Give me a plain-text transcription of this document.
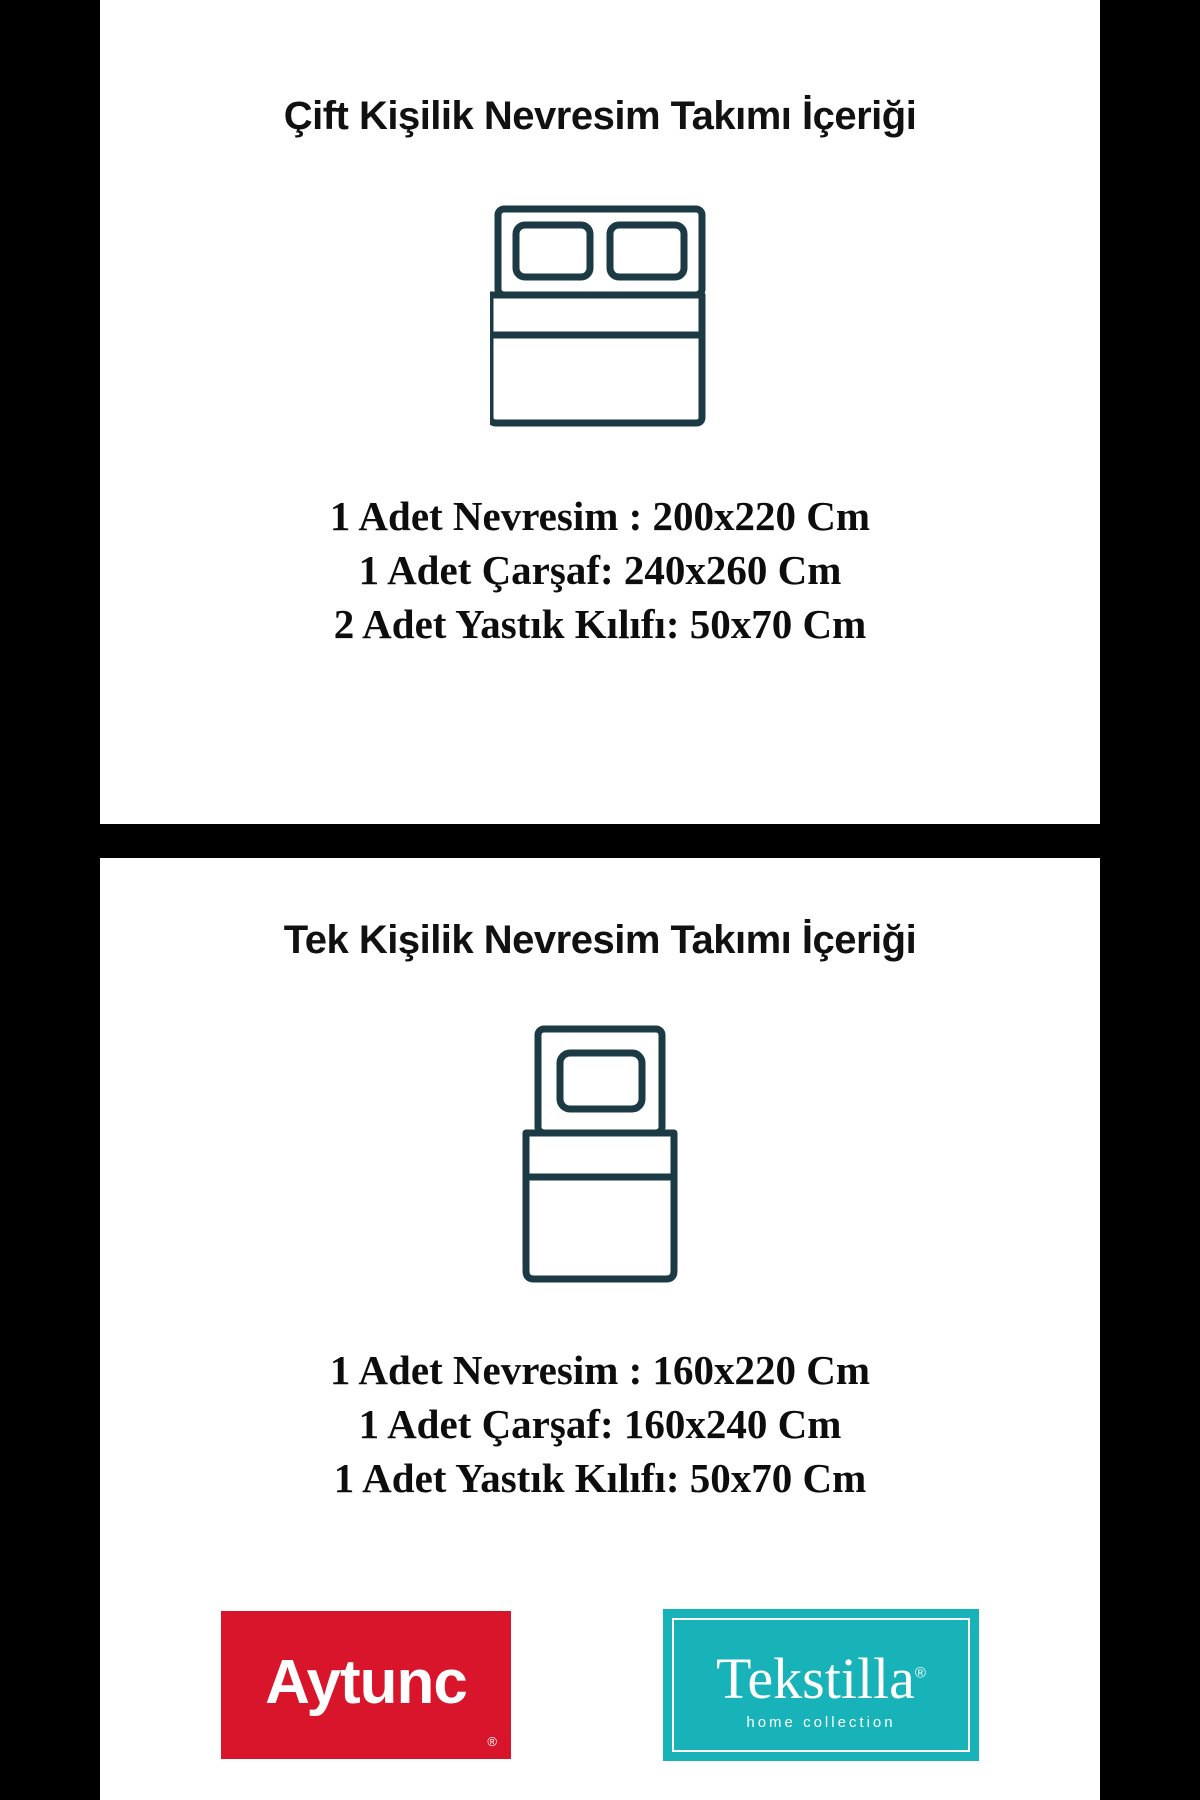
Çift Kişilik Nevresim Takımı İçeriği
1 Adet Nevresim : 200x220 Cm
1 Adet Çarşaf: 240x260 Cm
2 Adet Yastık Kılıfı: 50x70 Cm
Tek Kişilik Nevresim Takımı İçeriği
1 Adet Nevresim : 160x220 Cm
1 Adet Çarşaf: 160x240 Cm
1 Adet Yastık Kılıfı: 50x70 Cm
Aytunc
®
Tekstilla®
home collection
